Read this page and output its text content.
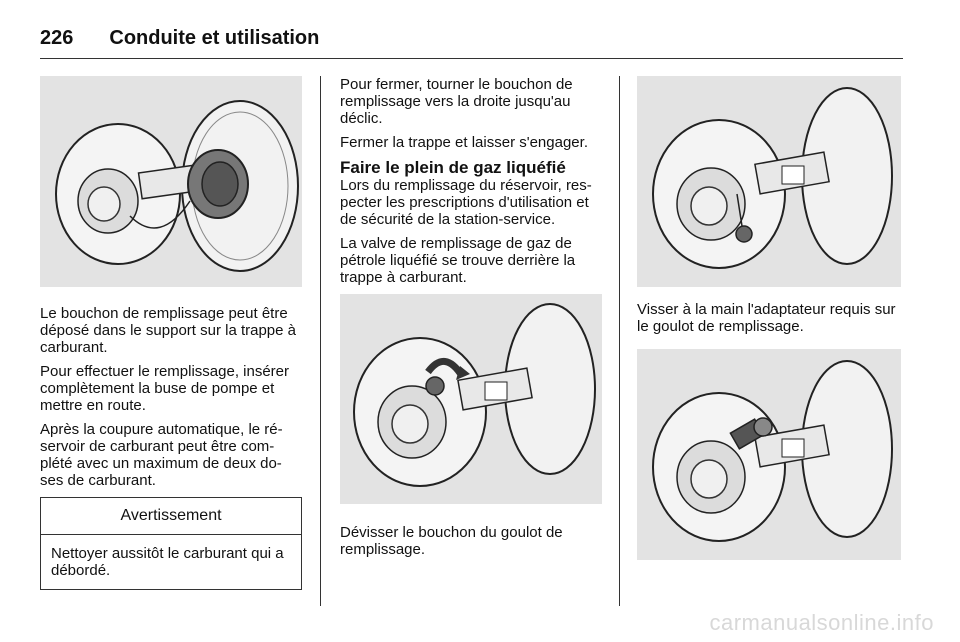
226 Conduite et utilisation

Le bouchon de remplissage peut être déposé dans le support sur la trappe à carburant.

Pour effectuer le remplissage, insérer complètement la buse de pompe et mettre en route.

Après la coupure automatique, le ré-servoir de carburant peut être com-plété avec un maximum de deux do-ses de carburant.

Avertissement
Nettoyer aussitôt le carburant qui a débordé.

Pour fermer, tourner le bouchon de remplissage vers la droite jusqu'au déclic.

Fermer la trappe et laisser s'engager.

Faire le plein de gaz liquéfié

Lors du remplissage du réservoir, res-pecter les prescriptions d'utilisation et de sécurité de la station-service.

La valve de remplissage de gaz de pétrole liquéfié se trouve derrière la trappe à carburant.

Dévisser le bouchon du goulot de remplissage.

Visser à la main l'adaptateur requis sur le goulot de remplissage.

carmanualsonline.info
